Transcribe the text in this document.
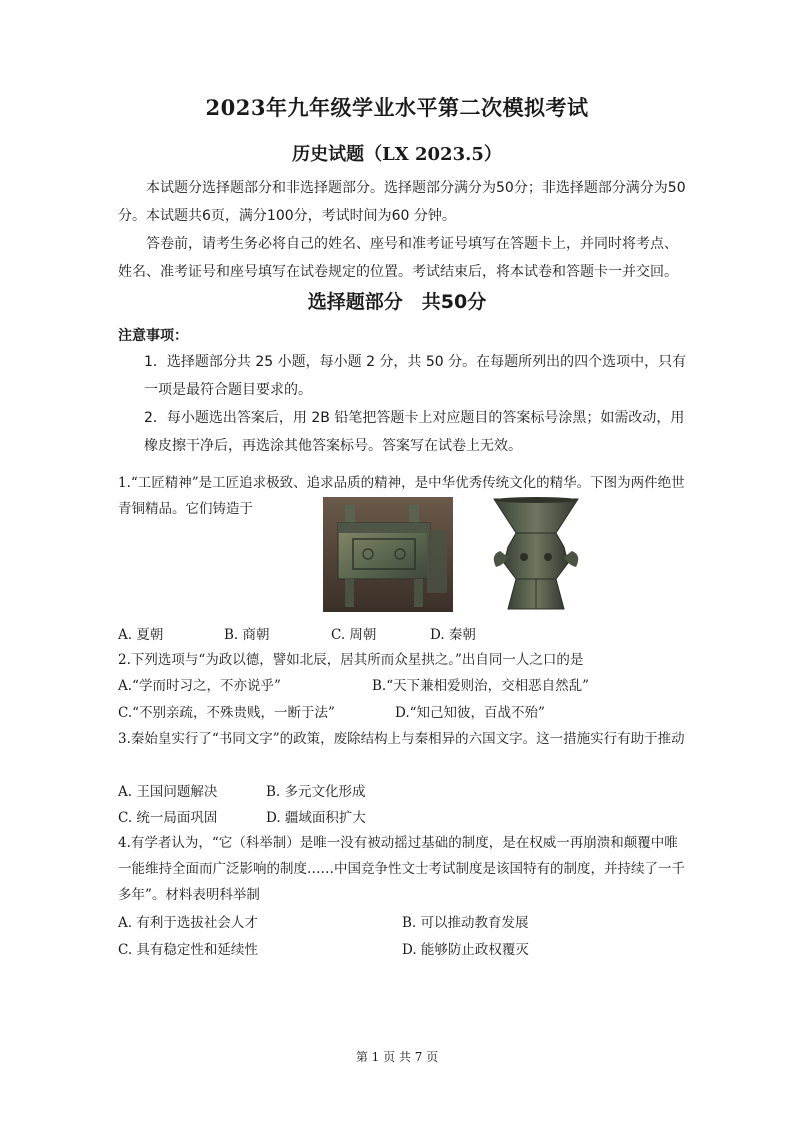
2023年九年级学业水平第二次模拟考试
历史试题（LX 2023.5）
本试题分选择题部分和非选择题部分。选择题部分满分为50分；非选择题部分满分为50 分。本试题共6页，满分100分，考试时间为60 分钟。
答卷前，请考生务必将自己的姓名、座号和准考证号填写在答题卡上，并同时将考点、姓名、准考证号和座号填写在试卷规定的位置。考试结束后，将本试卷和答题卡一并交回。
选择题部分　共50分
注意事项：
1．选择题部分共 25 小题，每小题 2 分，共 50 分。在每题所列出的四个选项中，只有一项是最符合题目要求的。
2．每小题选出答案后，用 2B 铅笔把答题卡上对应题目的答案标号涂黑；如需改动，用橡皮擦干净后，再选涂其他答案标号。答案写在试卷上无效。
1.“工匠精神”是工匠追求极致、追求品质的精神，是中华优秀传统文化的精华。下图为两件绝世青铜精品。它们铸造于
A. 夏朝	B. 商朝	C. 周朝	D. 秦朝
2.下列选项与“为政以德，譬如北辰，居其所而众星拱之。”出自同一人之口的是
A.“学而时习之，不亦说乎”	B.“天下兼相爱则治，交相恶自然乱”
C.“不别亲疏，不殊贵贱，一断于法”	D.“知己知彼，百战不殆”
3.秦始皇实行了“书同文字”的政策，废除结构上与秦相异的六国文字。这一措施实行有助于推动
A. 王国问题解决	B. 多元文化形成
C. 统一局面巩固	D. 疆域面积扩大
4.有学者认为，“它（科举制）是唯一没有被动摇过基础的制度，是在权威一再崩溃和颠覆中唯一能维持全面而广泛影响的制度……中国竞争性文士考试制度是该国特有的制度，并持续了一千多年”。材料表明科举制
A. 有利于选拔社会人才	B. 可以推动教育发展
C. 具有稳定性和延续性	D. 能够防止政权覆灭
第 1 页 共 7 页
